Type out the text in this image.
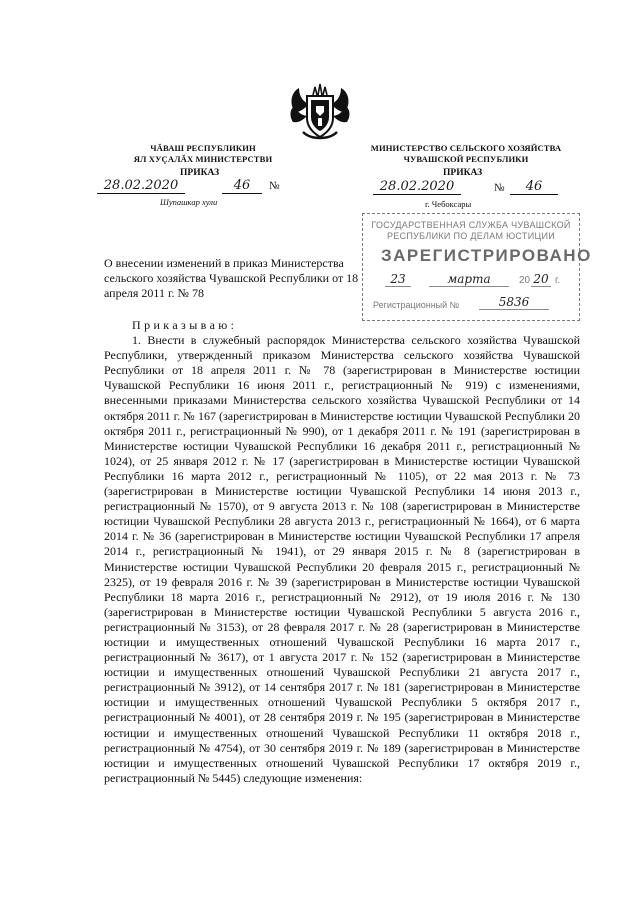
ЧĂВАШ РЕСПУБЛИКИН
ЯЛ ХУÇАЛĂХ МИНИСТЕРСТВИ
ПРИКАЗ
28.02.2020	46	№
Шупашкар хули
МИНИСТЕРСТВО СЕЛЬСКОГО ХОЗЯЙСТВА
ЧУВАШСКОЙ РЕСПУБЛИКИ
ПРИКАЗ
28.02.2020	№	46
г. Чебоксары
ГОСУДАРСТВЕННАЯ СЛУЖБА ЧУВАШСКОЙ
РЕСПУБЛИКИ ПО ДЕЛАМ ЮСТИЦИИ
ЗАРЕГИСТРИРОВАНО
23	марта	20 20 г.
Регистрационный №	5836
О внесении изменений в приказ Министерства сельского хозяйства Чувашской Республики от 18 апреля 2011 г. № 78

Приказываю:

1. Внести в служебный распорядок Министерства сельского хозяйства Чувашской Республики, утвержденный приказом Министерства сельского хозяйства Чувашской Республики от 18 апреля 2011 г. № 78 (зарегистрирован в Министерстве юстиции Чувашской Республики 16 июня 2011 г., регистрационный № 919) с изменениями, внесенными приказами Министерства сельского хозяйства Чувашской Республики от 14 октября 2011 г. № 167 (зарегистрирован в Министерстве юстиции Чувашской Республики 20 октября 2011 г., регистрационный № 990), от 1 декабря 2011 г. № 191 (зарегистрирован в Министерстве юстиции Чувашской Республики 16 декабря 2011 г., регистрационный № 1024), от 25 января 2012 г. № 17 (зарегистрирован в Министерстве юстиции Чувашской Республики 16 марта 2012 г., регистрационный № 1105), от 22 мая 2013 г. № 73 (зарегистрирован в Министерстве юстиции Чувашской Республики 14 июня 2013 г., регистрационный № 1570), от 9 августа 2013 г. № 108 (зарегистрирован в Министерстве юстиции Чувашской Республики 28 августа 2013 г., регистрационный № 1664), от 6 марта 2014 г. № 36 (зарегистрирован в Министерстве юстиции Чувашской Республики 17 апреля 2014 г., регистрационный № 1941), от 29 января 2015 г. № 8 (зарегистрирован в Министерстве юстиции Чувашской Республики 20 февраля 2015 г., регистрационный № 2325), от 19 февраля 2016 г. № 39 (зарегистрирован в Министерстве юстиции Чувашской Республики 18 марта 2016 г., регистрационный № 2912), от 19 июля 2016 г. № 130 (зарегистрирован в Министерстве юстиции Чувашской Республики 5 августа 2016 г., регистрационный № 3153), от 28 февраля 2017 г. № 28 (зарегистрирован в Министерстве юстиции и имущественных отношений Чувашской Республики 16 марта 2017 г., регистрационный № 3617), от 1 августа 2017 г. № 152 (зарегистрирован в Министерстве юстиции и имущественных отношений Чувашской Республики 21 августа 2017 г., регистрационный № 3912), от 14 сентября 2017 г. № 181 (зарегистрирован в Министерстве юстиции и имущественных отношений Чувашской Республики 5 октября 2017 г., регистрационный № 4001), от 28 сентября 2019 г. № 195 (зарегистрирован в Министерстве юстиции и имущественных отношений Чувашской Республики 11 октября 2018 г., регистрационный № 4754), от 30 сентября 2019 г. № 189 (зарегистрирован в Министерстве юстиции и имущественных отношений Чувашской Республики 17 октября 2019 г., регистрационный № 5445) следующие изменения:
